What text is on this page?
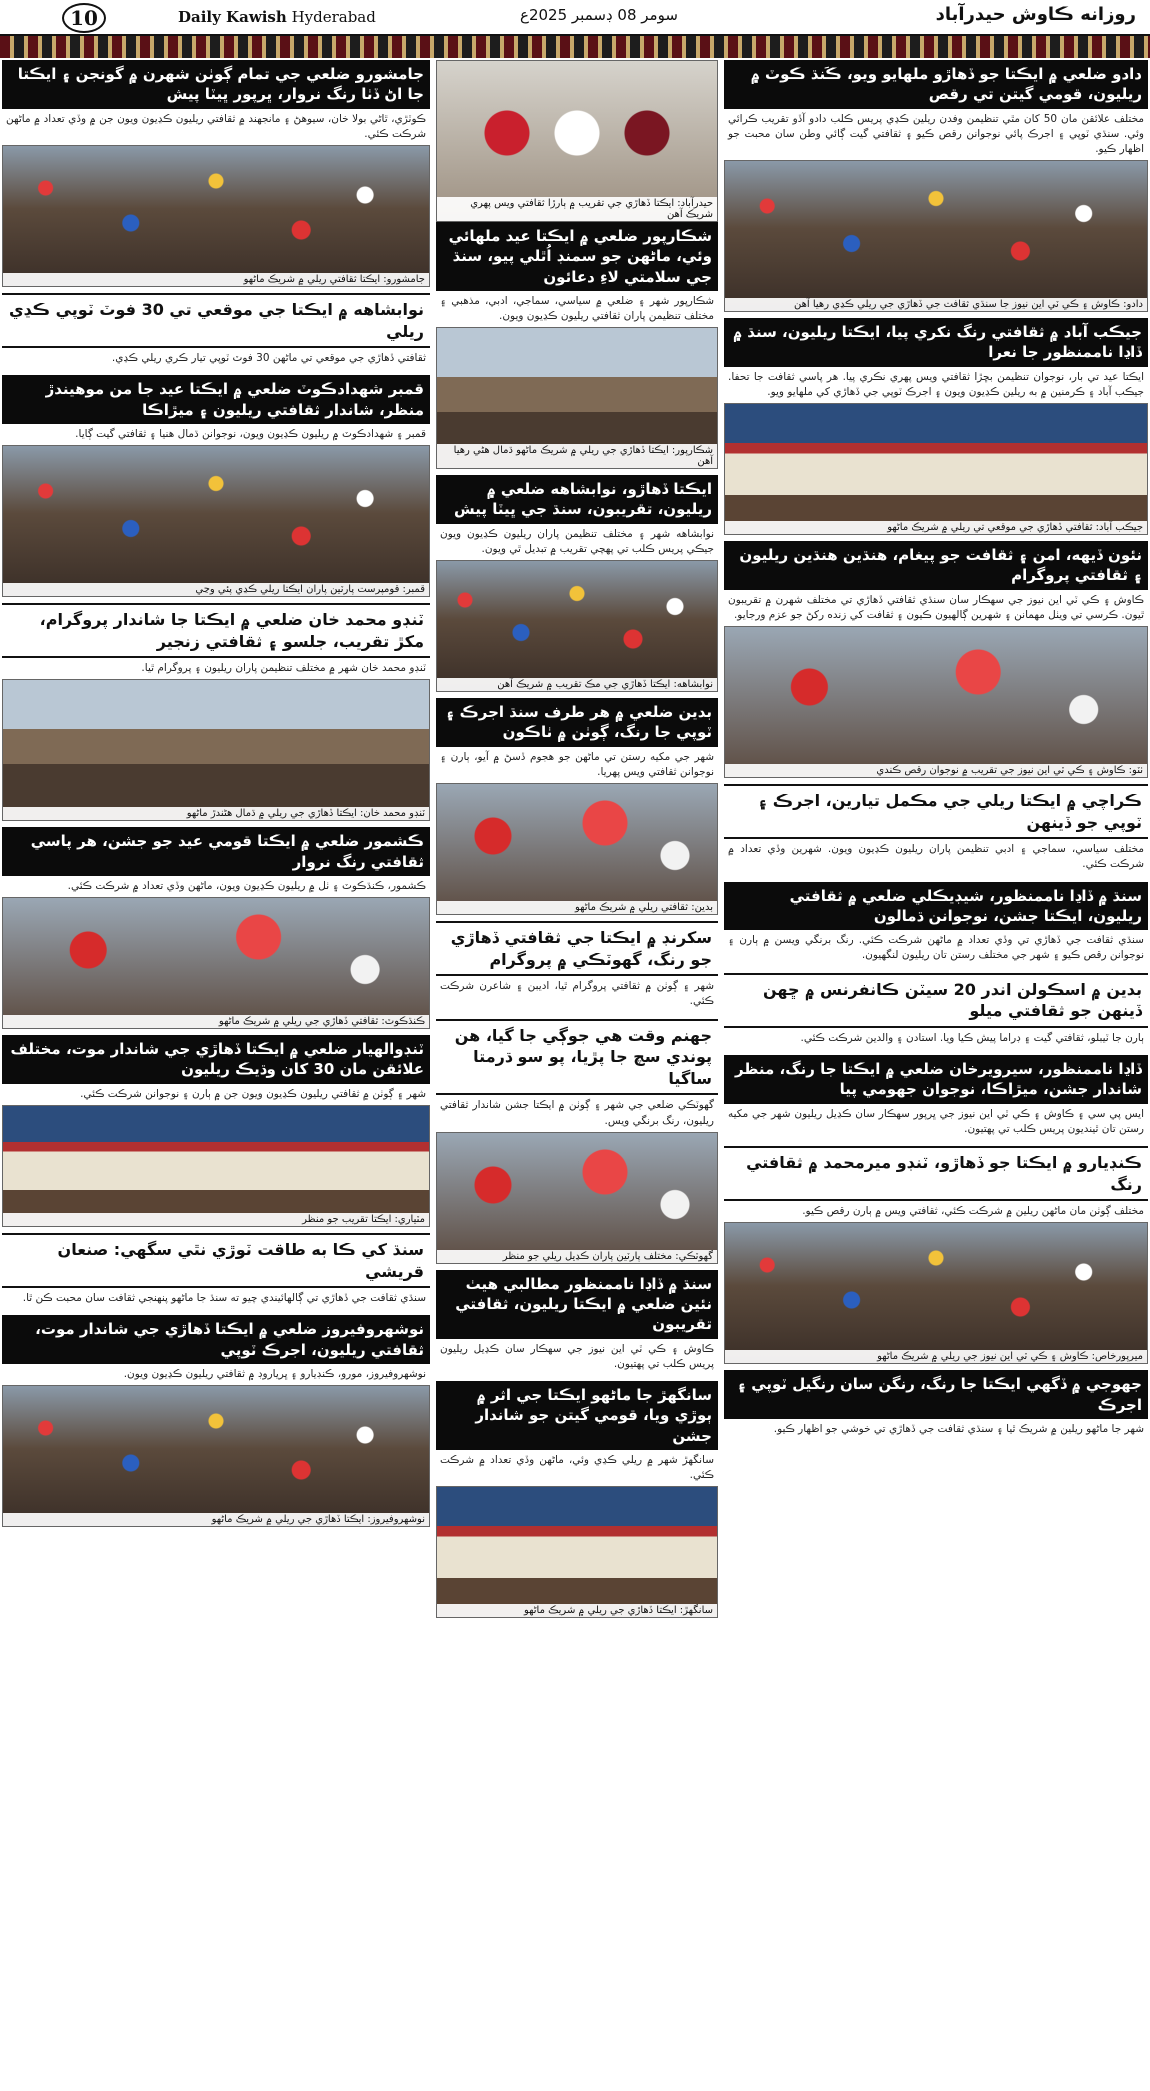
10	Daily Kawish Hyderabad	سومر 08 ڊسمبر 2025ع	روزانه ڪاوش حيدرآباد
دادو ضلعي ۾ ايڪتا جو ڏهاڙو ملهايو ويو، ڪَنڌ ڪوٽ ۾ ريليون، قومي گيتن تي رقص
مختلف علائقن مان 50 کان مٿي تنظيمن وفدن ريلين ڪڍي پريس ڪلب دادو آڏو تقريب ڪرائي وئي. سنڌي ٽوپي ۽ اجرڪ پائي نوجوانن رقص ڪيو ۽ ثقافتي گيت ڳائي وطن سان محبت جو اظهار ڪيو.
دادو: ڪاوش ۽ ڪي ٽي اين نيوز جا سنڌي ثقافت جي ڏهاڙي جي ريلي ڪڍي رهيا آهن
جيڪب آباد ۾ ثقافتي رنگ نکري پيا، ايڪتا ريليون، سنڌ ۾ ڏاڍا ناممنظور جا نعرا
ايڪتا عيد تي بار، نوجوان تنظيمن بڇڙا ثقافتي ويس پهري نڪري پيا. هر پاسي ثقافت جا تحفا. جيڪب آباد ۽ ڪرمنين ۾ به ريلين ڪڍيون ويون ۽ اجرڪ ٽوپي جي ڏهاڙي کي ملهايو ويو.
جيڪب آباد: ثقافتي ڏهاڙي جي موقعي تي ريلي ۾ شريڪ ماڻهو
نئون ڏيهه، امن ۽ ثقافت جو پيغام، هنڌين هنڌين ريليون ۽ ثقافتي پروگرام
ڪاوش ۽ ڪي ٽي اين نيوز جي سهڪار سان سنڌي ثقافتي ڏهاڙي تي مختلف شهرن ۾ تقريبون ٿيون. ڪرسي تي ويٺل مهمانن ۽ شهرين ڳالهيون ڪيون ۽ ثقافت کي زنده رکڻ جو عزم ورجايو.
ٺٽو: ڪاوش ۽ ڪي ٽي اين نيوز جي تقريب ۾ نوجوان رقص ڪندي
ڪراچي ۾ ايڪتا ريلي جي مڪمل تيارين، اجرڪ ۽ ٽوپي جو ڏينهن
مختلف سياسي، سماجي ۽ ادبي تنظيمن پاران ريليون ڪڍيون ويون. شهرين وڏي تعداد ۾ شرڪت ڪئي.
سنڌ ۾ ڏاڍا ناممنظور، شيڊيڪلي ضلعي ۾ ثقافتي ريليون، ايڪتا جشن، نوجوانن ڌمالون
سنڌي ثقافت جي ڏهاڙي تي وڏي تعداد ۾ ماڻهن شرڪت ڪئي. رنگ برنگي ويسن ۾ ٻارن ۽ نوجوانن رقص ڪيو ۽ شهر جي مختلف رستن تان ريليون لنگهيون.
بدين ۾ اسڪولن اندر 20 سيٽن ڪانفرنس ۾ ڇهن ڏينهن جو ثقافتي ميلو
ٻارن جا ٽيبلو، ثقافتي گيت ۽ ڊراما پيش ڪيا ويا. استادن ۽ والدين شرڪت ڪئي.
ڏاڍا ناممنظور، سيرويرخان ضلعي ۾ ايڪتا جا رنگ، منظر شاندار جشن، ميڙاڪا، نوجوان جهومي پيا
ايس پي سي ۽ ڪاوش ۽ ڪي ٽي اين نيوز جي ڀرپور سهڪار سان ڪڍيل ريليون شهر جي مکيه رستن تان ٿينديون پريس ڪلب تي پهتيون.
ڪنڊيارو ۾ ايڪتا جو ڏهاڙو، ٽنڊو ميرمحمد ۾ ثقافتي رنگ
مختلف ڳوٺن مان ماڻهن ريلين ۾ شرڪت ڪئي، ثقافتي ويس ۾ ٻارن رقص ڪيو.
ميرپورخاص: ڪاوش ۽ ڪي ٽي اين نيوز جي ريلي ۾ شريڪ ماڻهو
جهوجي ۾ ڏگهي ايڪتا جا رنگ، رنگن سان رنگيل ٽوپي ۽ اجرڪ
شهر جا ماڻهو ريلين ۾ شريڪ ٿيا ۽ سنڌي ثقافت جي ڏهاڙي تي خوشي جو اظهار ڪيو.
حيدرآباد: ايڪتا ڏهاڙي جي تقريب ۾ ٻارڙا ثقافتي ويس پهري شريڪ آهن
شڪارپور ضلعي ۾ ايڪتا عيد ملهائي وئي، ماڻهن جو سمنڊ اُٿلي پيو، سنڌ جي سلامتي لاءِ دعائون
شڪارپور شهر ۽ ضلعي ۾ سياسي، سماجي، ادبي، مذهبي ۽ مختلف تنظيمن پاران ثقافتي ريليون ڪڍيون ويون.
شڪارپور: ايڪتا ڏهاڙي جي ريلي ۾ شريڪ ماڻهو ڌمال هڻي رهيا آهن
ايڪتا ڏهاڙو، نوابشاهه ضلعي ۾ ريليون، تقريبون، سنڌ جي ڀيٽا پيش
نوابشاهه شهر ۽ مختلف تنظيمن پاران ريليون ڪڍيون ويون جيڪي پريس ڪلب تي پهچي تقريب ۾ تبديل ٿي ويون.
نوابشاهه: ايڪتا ڏهاڙي جي مڪ تقريب ۾ شريڪ آهن
بدين ضلعي ۾ هر طرف سنڌ اجرڪ ۽ ٽوپي جا رنگ، ڳوٺن ۾ ٺاڪون
شهر جي مکيه رستن تي ماڻهن جو هجوم ڏسڻ ۾ آيو، ٻارن ۽ نوجوانن ثقافتي ويس پهريا.
بدين: ثقافتي ريلي ۾ شريڪ ماڻهو
سکرنڊ ۾ ايڪتا جي ثقافتي ڏهاڙي جو رنگ، گهوٽڪي ۾ پروگرام
شهر ۽ ڳوٺن ۾ ثقافتي پروگرام ٿيا، اديبن ۽ شاعرن شرڪت ڪئي.
جهنم وقت هي جوڳي جا گيا، هن پوندي سچ جا پڙيا، پو سو ڌرمتا ساگيا
گهوٽڪي ضلعي جي شهر ۽ ڳوٺن ۾ ايڪتا جشن شاندار ثقافتي ريليون، رنگ برنگي ويس.
گهوٽڪي: مختلف پارٽين پاران ڪڍيل ريلي جو منظر
سنڌ ۾ ڏاڍا ناممنظور مطالبي هيٺ نئين ضلعي ۾ ايڪتا ريليون، ثقافتي تقريبون
ڪاوش ۽ ڪي ٽي اين نيوز جي سهڪار سان ڪڍيل ريليون پريس ڪلب تي پهتيون.
سانگهڙ جا ماڻهو ايڪتا جي اثر ۾ ٻوڙي ويا، قومي گيتن جو شاندار جشن
سانگهڙ شهر ۾ ريلي ڪڍي وئي، ماڻهن وڏي تعداد ۾ شرڪت ڪئي.
سانگهڙ: ايڪتا ڏهاڙي جي ريلي ۾ شريڪ ماڻهو
جامشورو ضلعي جي تمام ڳوٺن شهرن ۾ گونجن ۽ ايڪتا جا اڻ ڏٺا رنگ نروار، ڀرپور ڀيٽا پيش
ڪوٽڙي، ٿاڻي بولا خان، سيوهڻ ۽ مانجهند ۾ ثقافتي ريليون ڪڍيون ويون جن ۾ وڏي تعداد ۾ ماڻهن شرڪت ڪئي.
جامشورو: ايڪتا ثقافتي ريلي ۾ شريڪ ماڻهو
نوابشاهه ۾ ايڪتا جي موقعي تي 30 فوٽ ٽوپي ڪڍي ريلي
ثقافتي ڏهاڙي جي موقعي تي ماڻهن 30 فوٽ ٽوپي تيار ڪري ريلي ڪڍي.
قمبر شهدادڪوٽ ضلعي ۾ ايڪتا عيد جا من موهيندڙ منظر، شاندار ثقافتي ريليون ۽ ميڙاڪا
قمبر ۽ شهدادڪوٽ ۾ ريليون ڪڍيون ويون، نوجوانن ڌمال هنيا ۽ ثقافتي گيت ڳايا.
قمبر: قومپرست پارٽين پاران ايڪتا ريلي ڪڍي پئي وڃي
ٽنڊو محمد خان ضلعي ۾ ايڪتا جا شاندار پروگرام، مکڙ تقريب، جلسو ۽ ثقافتي زنجير
ٽنڊو محمد خان شهر ۾ مختلف تنظيمن پاران ريليون ۽ پروگرام ٿيا.
ٽنڊو محمد خان: ايڪتا ڏهاڙي جي ريلي ۾ ڌمال هڻندڙ ماڻهو
ڪشمور ضلعي ۾ ايڪتا قومي عيد جو جشن، هر پاسي ثقافتي رنگ نروار
ڪشمور، ڪنڌڪوٽ ۽ ٺل ۾ ريليون ڪڍيون ويون، ماڻهن وڏي تعداد ۾ شرڪت ڪئي.
ڪنڌڪوٽ: ثقافتي ڏهاڙي جي ريلي ۾ شريڪ ماڻهو
ٽنڊوالهيار ضلعي ۾ ايڪتا ڏهاڙي جي شاندار موت، مختلف علائقن مان 30 کان وڌيڪ ريليون
شهر ۽ ڳوٺن ۾ ثقافتي ريليون ڪڍيون ويون جن ۾ ٻارن ۽ نوجوانن شرڪت ڪئي.
مٽياري: ايڪتا تقريب جو منظر
سنڌ کي ڪا به طاقت ٽوڙي نٿي سگهي: صنعان قريشي
سنڌي ثقافت جي ڏهاڙي تي ڳالهائيندي چيو ته سنڌ جا ماڻهو پنهنجي ثقافت سان محبت ڪن ٿا.
نوشهروفيروز ضلعي ۾ ايڪتا ڏهاڙي جي شاندار موت، ثقافتي ريليون، اجرڪ ٽوپي
نوشهروفيروز، مورو، ڪنڊيارو ۽ ڀرياروڊ ۾ ثقافتي ريليون ڪڍيون ويون.
نوشهروفيروز: ايڪتا ڏهاڙي جي ريلي ۾ شريڪ ماڻهو
